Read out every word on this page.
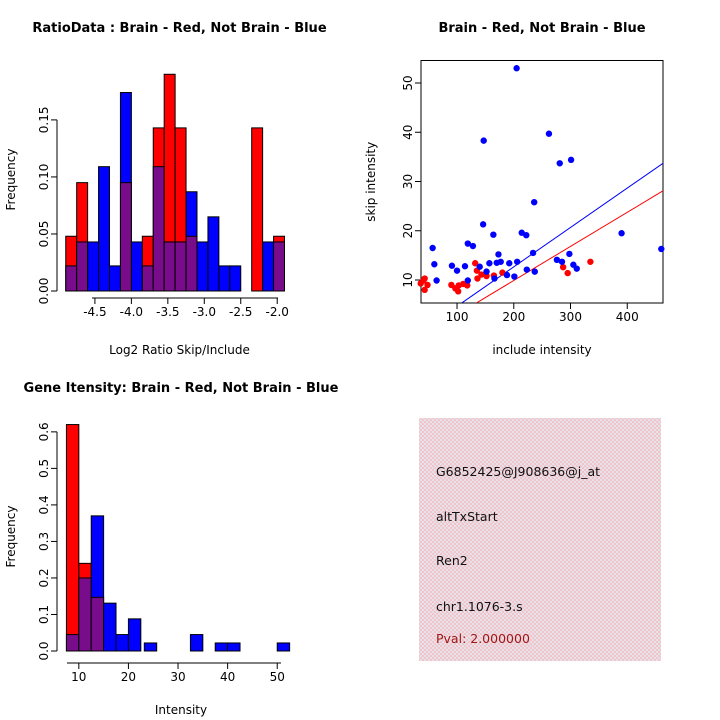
-4.5 -4.0 -3.5 -3.0 -2.5 -2.0
0.00
0.05
0.10
0.15
RatioData : Brain - Red, Not Brain - Blue
Log2 Ratio Skip/Include
Frequency
100	200	300	400
10
20
30
40
50
Brain - Red, Not Brain - Blue
include intensity
skip intensity
10	20	30	40	50
0.0
0.1
0.2
0.3
0.4
0.5
0.6
Gene Itensity: Brain - Red, Not Brain - Blue
Intensity
Frequency
G6852425@J908636@j_at
altTxStart
Ren2
chr1.1076-3.s
Pval: 2.000000
